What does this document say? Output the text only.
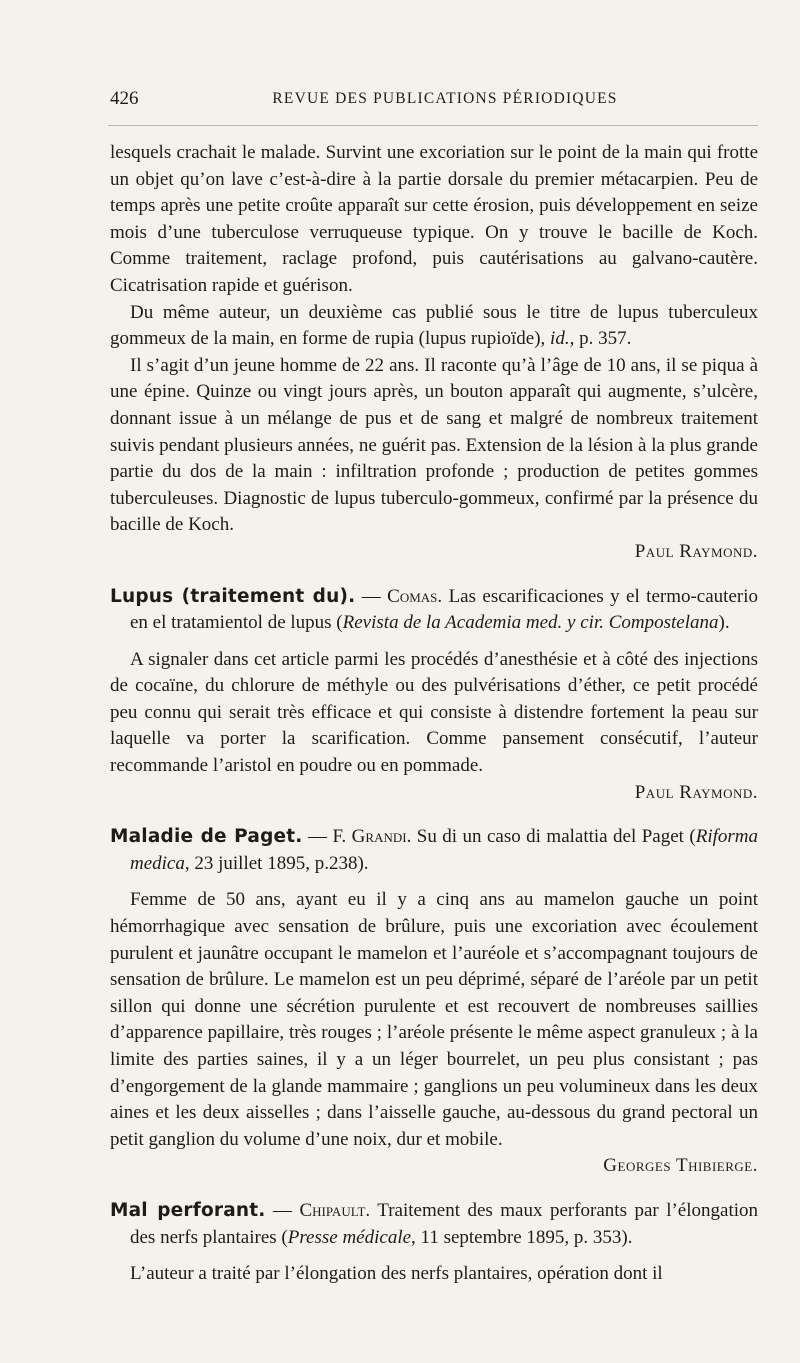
426	REVUE DES PUBLICATIONS PÉRIODIQUES

lesquels crachait le malade. Survint une excoriation sur le point de la main qui frotte un objet qu’on lave c’est-à-dire à la partie dorsale du premier métacarpien. Peu de temps après une petite croûte apparaît sur cette érosion, puis développement en seize mois d’une tuberculose verruqueuse typique. On y trouve le bacille de Koch. Comme traitement, raclage profond, puis cautérisations au galvano-cautère. Cicatrisation rapide et guérison.

Du même auteur, un deuxième cas publié sous le titre de lupus tuberculeux gommeux de la main, en forme de rupia (lupus rupioïde), id., p. 357.

Il s’agit d’un jeune homme de 22 ans. Il raconte qu’à l’âge de 10 ans, il se piqua à une épine. Quinze ou vingt jours après, un bouton apparaît qui augmente, s’ulcère, donnant issue à un mélange de pus et de sang et malgré de nombreux traitement suivis pendant plusieurs années, ne guérit pas. Extension de la lésion à la plus grande partie du dos de la main : infiltration profonde ; production de petites gommes tuberculeuses. Diagnostic de lupus tuberculo-gommeux, confirmé par la présence du bacille de Koch.

Paul Raymond.

Lupus (traitement du). — Comas. Las escarificaciones y el termo-cauterio en el tratamientol de lupus (Revista de la Academia med. y cir. Compostelana).

A signaler dans cet article parmi les procédés d’anesthésie et à côté des injections de cocaïne, du chlorure de méthyle ou des pulvérisations d’éther, ce petit procédé peu connu qui serait très efficace et qui consiste à distendre fortement la peau sur laquelle va porter la scarification. Comme pansement consécutif, l’auteur recommande l’aristol en poudre ou en pommade.

Paul Raymond.

Maladie de Paget. — F. Grandi. Su di un caso di malattia del Paget (Riforma medica, 23 juillet 1895, p.238).

Femme de 50 ans, ayant eu il y a cinq ans au mamelon gauche un point hémorrhagique avec sensation de brûlure, puis une excoriation avec écoulement purulent et jaunâtre occupant le mamelon et l’auréole et s’accompagnant toujours de sensation de brûlure. Le mamelon est un peu déprimé, séparé de l’aréole par un petit sillon qui donne une sécrétion purulente et est recouvert de nombreuses saillies d’apparence papillaire, très rouges ; l’aréole présente le même aspect granuleux ; à la limite des parties saines, il y a un léger bourrelet, un peu plus consistant ; pas d’engorgement de la glande mammaire ; ganglions un peu volumineux dans les deux aines et les deux aisselles ; dans l’aisselle gauche, au-dessous du grand pectoral un petit ganglion du volume d’une noix, dur et mobile.

Georges Thibierge.

Mal perforant. — Chipault. Traitement des maux perforants par l’élongation des nerfs plantaires (Presse médicale, 11 septembre 1895, p. 353).

L’auteur a traité par l’élongation des nerfs plantaires, opération dont il
